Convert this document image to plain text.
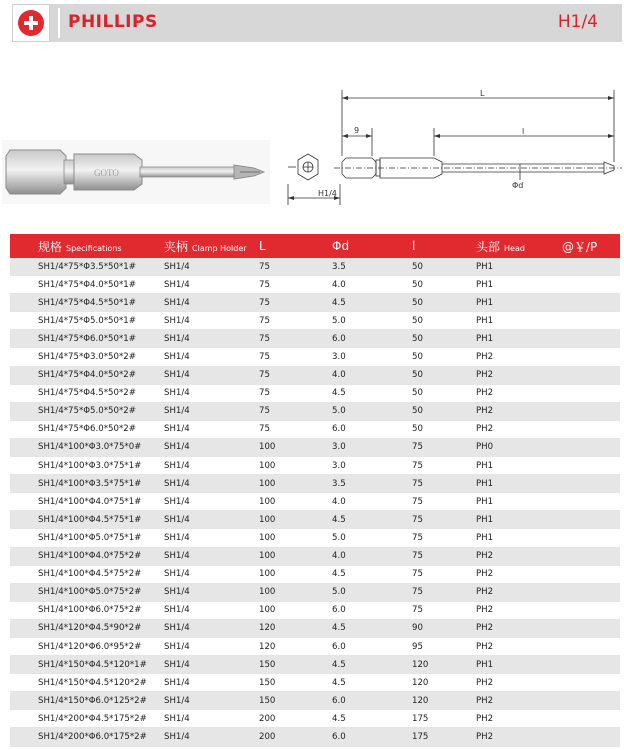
PHILLIPS	H1/4
GOTO
L
9	l
Φd
H1/4
规格 Specifications	夹柄 Clamp Holder	L	Φd	l	头部 Head	@￥/P
SH1/4*75*Φ3.5*50*1#	SH1/4	75	3.5	50	PH1	
SH1/4*75*Φ4.0*50*1#	SH1/4	75	4.0	50	PH1	
SH1/4*75*Φ4.5*50*1#	SH1/4	75	4.5	50	PH1	
SH1/4*75*Φ5.0*50*1#	SH1/4	75	5.0	50	PH1	
SH1/4*75*Φ6.0*50*1#	SH1/4	75	6.0	50	PH1	
SH1/4*75*Φ3.0*50*2#	SH1/4	75	3.0	50	PH2	
SH1/4*75*Φ4.0*50*2#	SH1/4	75	4.0	50	PH2	
SH1/4*75*Φ4.5*50*2#	SH1/4	75	4.5	50	PH2	
SH1/4*75*Φ5.0*50*2#	SH1/4	75	5.0	50	PH2	
SH1/4*75*Φ6.0*50*2#	SH1/4	75	6.0	50	PH2	
SH1/4*100*Φ3.0*75*0#	SH1/4	100	3.0	75	PH0	
SH1/4*100*Φ3.0*75*1#	SH1/4	100	3.0	75	PH1	
SH1/4*100*Φ3.5*75*1#	SH1/4	100	3.5	75	PH1	
SH1/4*100*Φ4.0*75*1#	SH1/4	100	4.0	75	PH1	
SH1/4*100*Φ4.5*75*1#	SH1/4	100	4.5	75	PH1	
SH1/4*100*Φ5.0*75*1#	SH1/4	100	5.0	75	PH1	
SH1/4*100*Φ4.0*75*2#	SH1/4	100	4.0	75	PH2	
SH1/4*100*Φ4.5*75*2#	SH1/4	100	4.5	75	PH2	
SH1/4*100*Φ5.0*75*2#	SH1/4	100	5.0	75	PH2	
SH1/4*100*Φ6.0*75*2#	SH1/4	100	6.0	75	PH2	
SH1/4*120*Φ4.5*90*2#	SH1/4	120	4.5	90	PH2	
SH1/4*120*Φ6.0*95*2#	SH1/4	120	6.0	95	PH2	
SH1/4*150*Φ4.5*120*1#	SH1/4	150	4.5	120	PH1	
SH1/4*150*Φ4.5*120*2#	SH1/4	150	4.5	120	PH2	
SH1/4*150*Φ6.0*125*2#	SH1/4	150	6.0	120	PH2	
SH1/4*200*Φ4.5*175*2#	SH1/4	200	4.5	175	PH2	
SH1/4*200*Φ6.0*175*2#	SH1/4	200	6.0	175	PH2	
